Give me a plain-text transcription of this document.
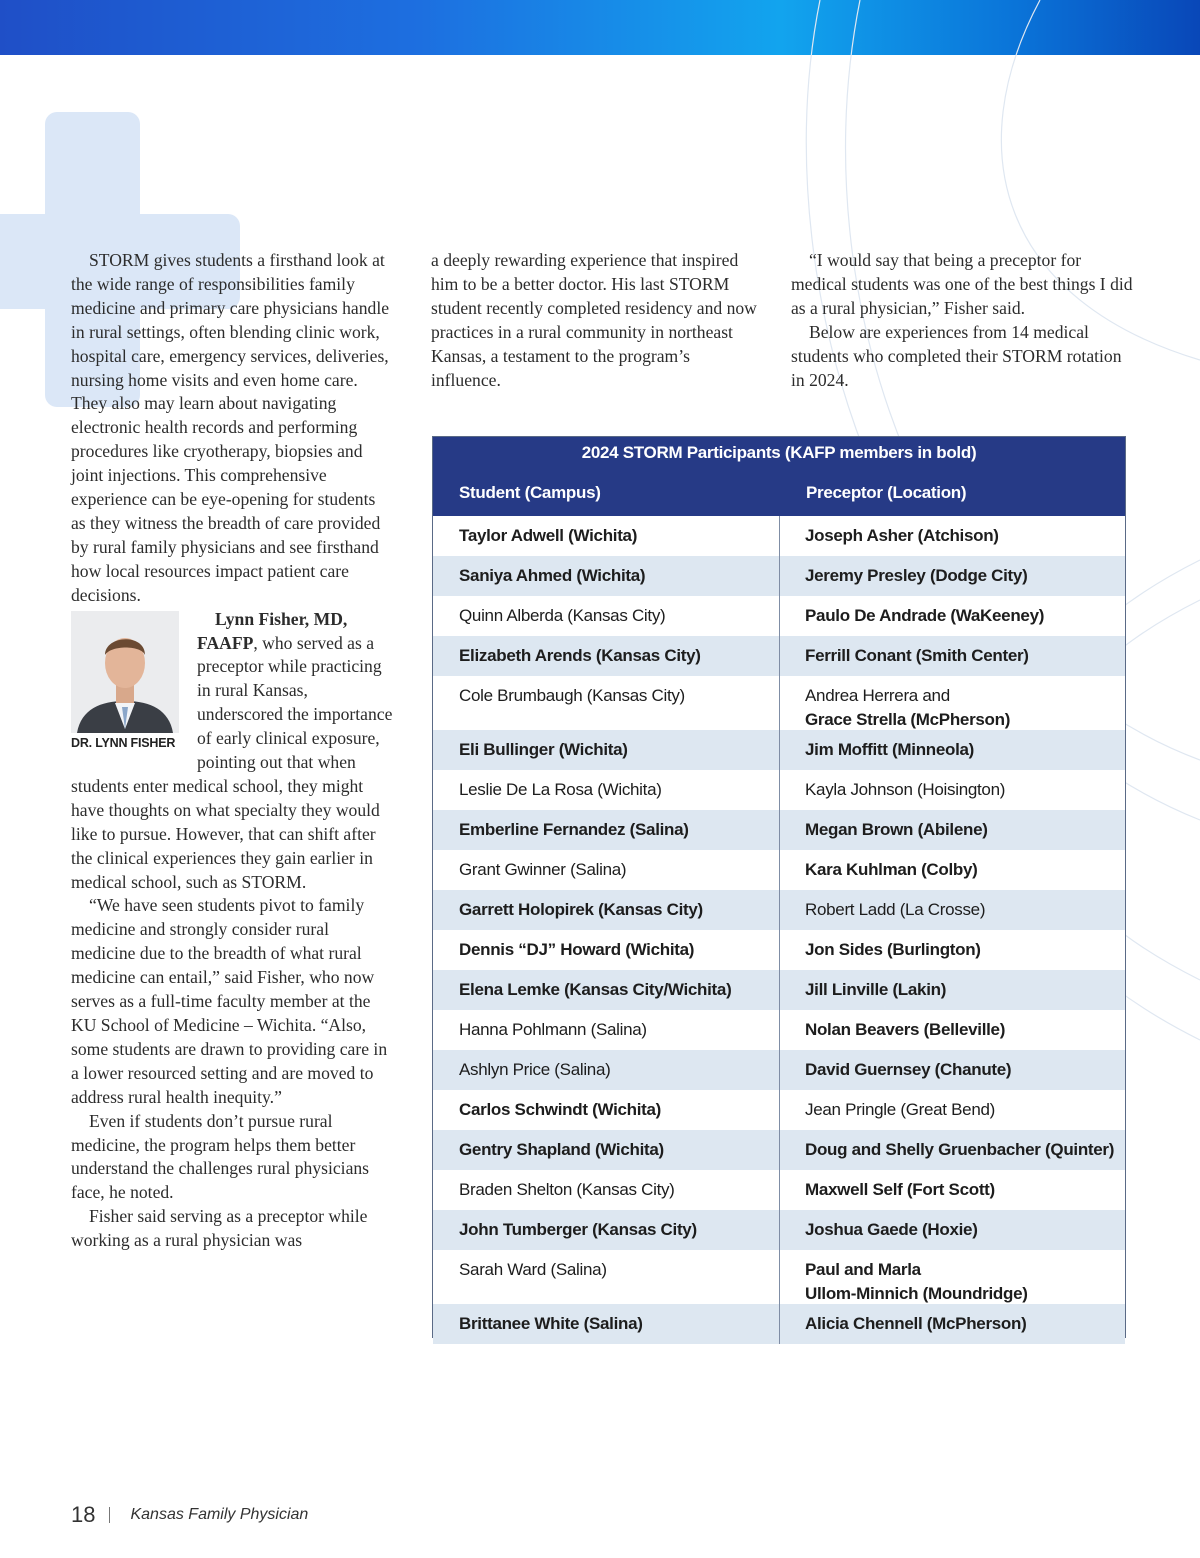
STORM gives students a firsthand look at the wide range of responsibilities family medicine and primary care physicians handle in rural settings, often blending clinic work, hospital care, emergency services, deliveries, nursing home visits and even home care. They also may learn about navigating electronic health records and performing procedures like cryotherapy, biopsies and joint injections. This comprehensive experience can be eye-opening for students as they witness the breadth of care provided by rural family physicians and see firsthand how local resources impact patient care decisions.

DR. LYNN FISHER

Lynn Fisher, MD, FAAFP, who served as a preceptor while practicing in rural Kansas, underscored the importance of early clinical exposure, pointing out that when students enter medical school, they might have thoughts on what specialty they would like to pursue. However, that can shift after the clinical experiences they gain earlier in medical school, such as STORM.

“We have seen students pivot to family medicine and strongly consider rural medicine due to the breadth of what rural medicine can entail,” said Fisher, who now serves as a full-time faculty member at the KU School of Medicine – Wichita. “Also, some students are drawn to providing care in a lower resourced setting and are moved to address rural health inequity.”

Even if students don’t pursue rural medicine, the program helps them better understand the challenges rural physicians face, he noted.

Fisher said serving as a preceptor while working as a rural physician was

a deeply rewarding experience that inspired him to be a better doctor. His last STORM student recently completed residency and now practices in a rural community in northeast Kansas, a testament to the program’s influence.

“I would say that being a preceptor for medical students was one of the best things I did as a rural physician,” Fisher said.

Below are experiences from 14 medical students who completed their STORM rotation in 2024.

2024 STORM Participants (KAFP members in bold)
Student (Campus)	Preceptor (Location)
Taylor Adwell (Wichita)	Joseph Asher (Atchison)
Saniya Ahmed (Wichita)	Jeremy Presley (Dodge City)
Quinn Alberda (Kansas City)	Paulo De Andrade (WaKeeney)
Elizabeth Arends (Kansas City)	Ferrill Conant (Smith Center)
Cole Brumbaugh (Kansas City)	Andrea Herrera and
Grace Strella (McPherson)
Eli Bullinger (Wichita)	Jim Moffitt (Minneola)
Leslie De La Rosa (Wichita)	Kayla Johnson (Hoisington)
Emberline Fernandez (Salina)	Megan Brown (Abilene)
Grant Gwinner (Salina)	Kara Kuhlman (Colby)
Garrett Holopirek (Kansas City)	Robert Ladd (La Crosse)
Dennis “DJ” Howard (Wichita)	Jon Sides (Burlington)
Elena Lemke (Kansas City/Wichita)	Jill Linville (Lakin)
Hanna Pohlmann (Salina)	Nolan Beavers (Belleville)
Ashlyn Price (Salina)	David Guernsey (Chanute)
Carlos Schwindt (Wichita)	Jean Pringle (Great Bend)
Gentry Shapland (Wichita)	Doug and Shelly Gruenbacher (Quinter)
Braden Shelton (Kansas City)	Maxwell Self (Fort Scott)
John Tumberger (Kansas City)	Joshua Gaede (Hoxie)
Sarah Ward (Salina)	Paul and Marla
Ullom-Minnich (Moundridge)
Brittanee White (Salina)	Alicia Chennell (McPherson)
18 Kansas Family Physician
